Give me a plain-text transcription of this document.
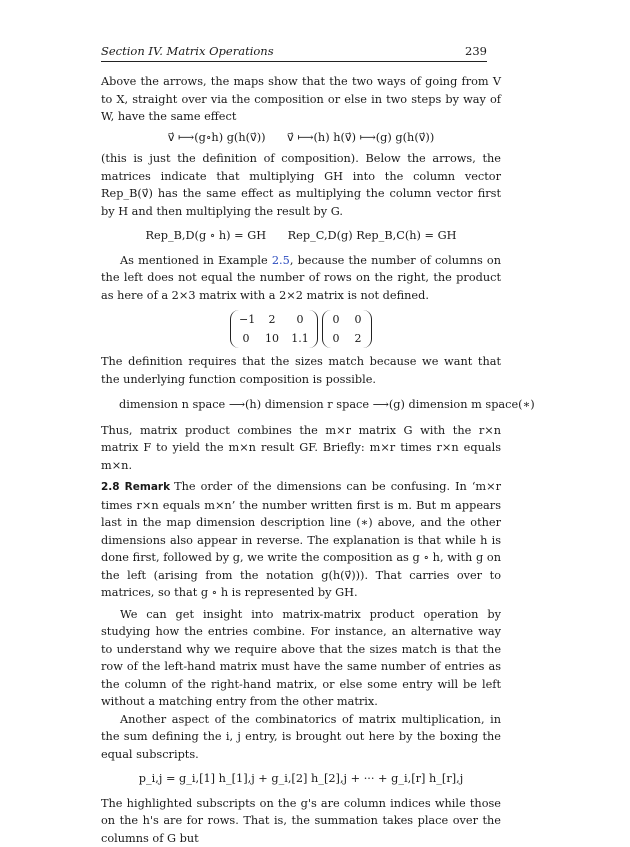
Section IV. Matrix Operations	239

Above the arrows, the maps show that the two ways of going from V to X, straight over via the composition or else in two steps by way of W, have the same effect

v⃗ ⟼(g∘h) g(h(v⃗))      v⃗ ⟼(h) h(v⃗) ⟼(g) g(h(v⃗))

(this is just the definition of composition). Below the arrows, the matrices indicate that multiplying GH into the column vector Rep_B(v⃗) has the same effect as multiplying the column vector first by H and then multiplying the result by G.

Rep_B,D(g ∘ h) = GH      Rep_C,D(g) Rep_B,C(h) = GH

As mentioned in Example 2.5, because the number of columns on the left does not equal the number of rows on the right, the product as here of a 2×3 matrix with a 2×2 matrix is not defined.

−1	2	0
0	10 1.1
0 0
0 2

The definition requires that the sizes match because we want that the underlying function composition is possible.

dimension n space ⟶(h) dimension r space ⟶(g) dimension m space (∗)

Thus, matrix product combines the m×r matrix G with the r×n matrix F to yield the m×n result GF. Briefly: m×r times r×n equals m×n.

2.8 Remark The order of the dimensions can be confusing. In ‘m×r times r×n equals m×n’ the number written first is m. But m appears last in the map dimension description line (∗) above, and the other dimensions also appear in reverse. The explanation is that while h is done first, followed by g, we write the composition as g ∘ h, with g on the left (arising from the notation g(h(v⃗))). That carries over to matrices, so that g ∘ h is represented by GH.

We can get insight into matrix-matrix product operation by studying how the entries combine. For instance, an alternative way to understand why we require above that the sizes match is that the row of the left-hand matrix must have the same number of entries as the column of the right-hand matrix, or else some entry will be left without a matching entry from the other matrix.

Another aspect of the combinatorics of matrix multiplication, in the sum defining the i, j entry, is brought out here by the boxing the equal subscripts.

p_i,j = g_i,[1] h_[1],j + g_i,[2] h_[2],j + ··· + g_i,[r] h_[r],j

The highlighted subscripts on the g's are column indices while those on the h's are for rows. That is, the summation takes place over the columns of G but
